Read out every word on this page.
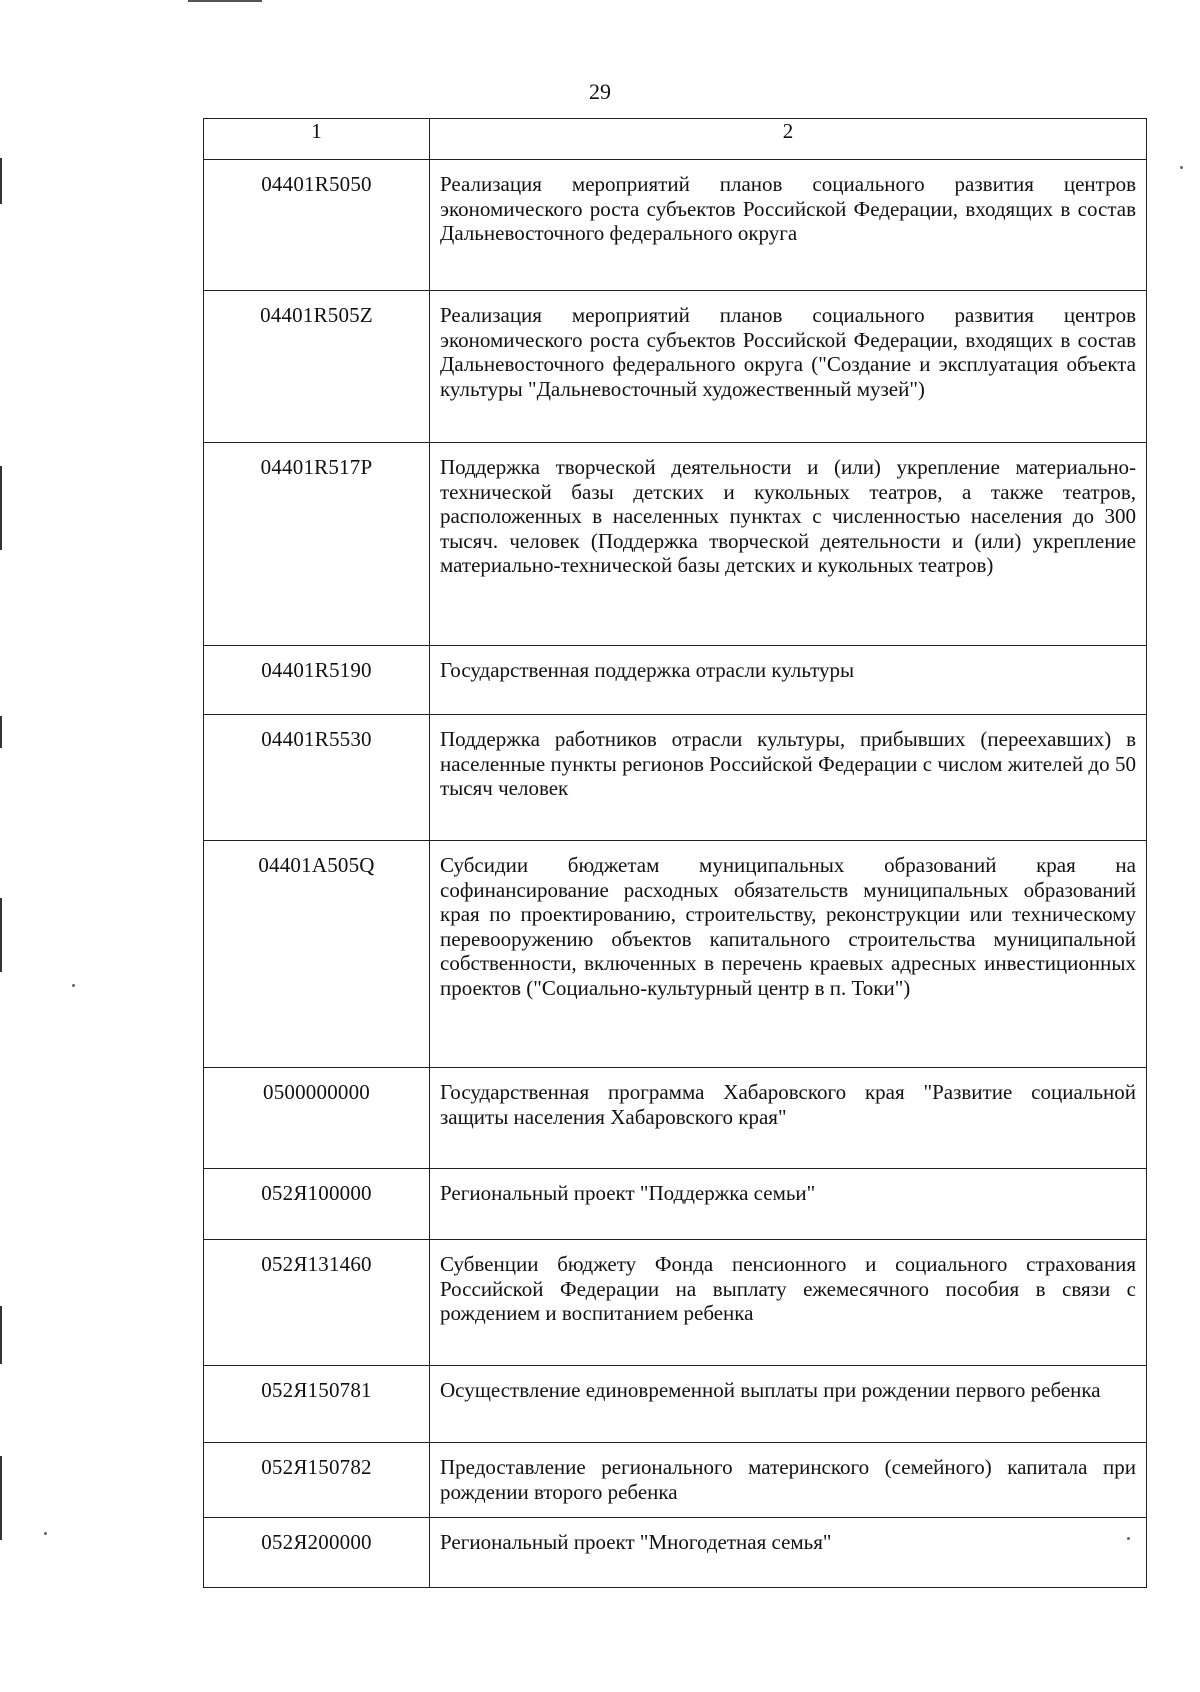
29
1	2
04401R5050	Реализация мероприятий планов социального развития центров экономического роста субъектов Российской Федерации, входящих в состав Дальневосточного федерального округа
04401R505Z	Реализация мероприятий планов социального развития центров экономического роста субъектов Российской Федерации, входящих в состав Дальневосточного федерального округа ("Создание и эксплуатация объекта культуры "Дальневосточный художественный музей")
04401R517P	Поддержка творческой деятельности и (или) укрепление материально-технической базы детских и кукольных театров, а также театров, расположенных в населенных пунктах с численностью населения до 300 тысяч. человек (Поддержка творческой деятельности и (или) укрепление материально-технической базы детских и кукольных театров)
04401R5190	Государственная поддержка отрасли культуры
04401R5530	Поддержка работников отрасли культуры, прибывших (переехавших) в населенные пункты регионов Российской Федерации с числом жителей до 50 тысяч человек
04401A505Q	Субсидии бюджетам муниципальных образований края на софинансирование расходных обязательств муниципальных образований края по проектированию, строительству, реконструкции или техническому перевооружению объектов капитального строительства муниципальной собственности, включенных в перечень краевых адресных инвестиционных проектов ("Социально-культурный центр в п. Токи")
0500000000	Государственная программа Хабаровского края "Развитие социальной защиты населения Хабаровского края"
052Я100000	Региональный проект "Поддержка семьи"
052Я131460	Субвенции бюджету Фонда пенсионного и социального страхования Российской Федерации на выплату ежемесячного пособия в связи с рождением и воспитанием ребенка
052Я150781	Осуществление единовременной выплаты при рождении первого ребенка
052Я150782	Предоставление регионального материнского (семейного) капитала при рождении второго ребенка
052Я200000	Региональный проект "Многодетная семья"
